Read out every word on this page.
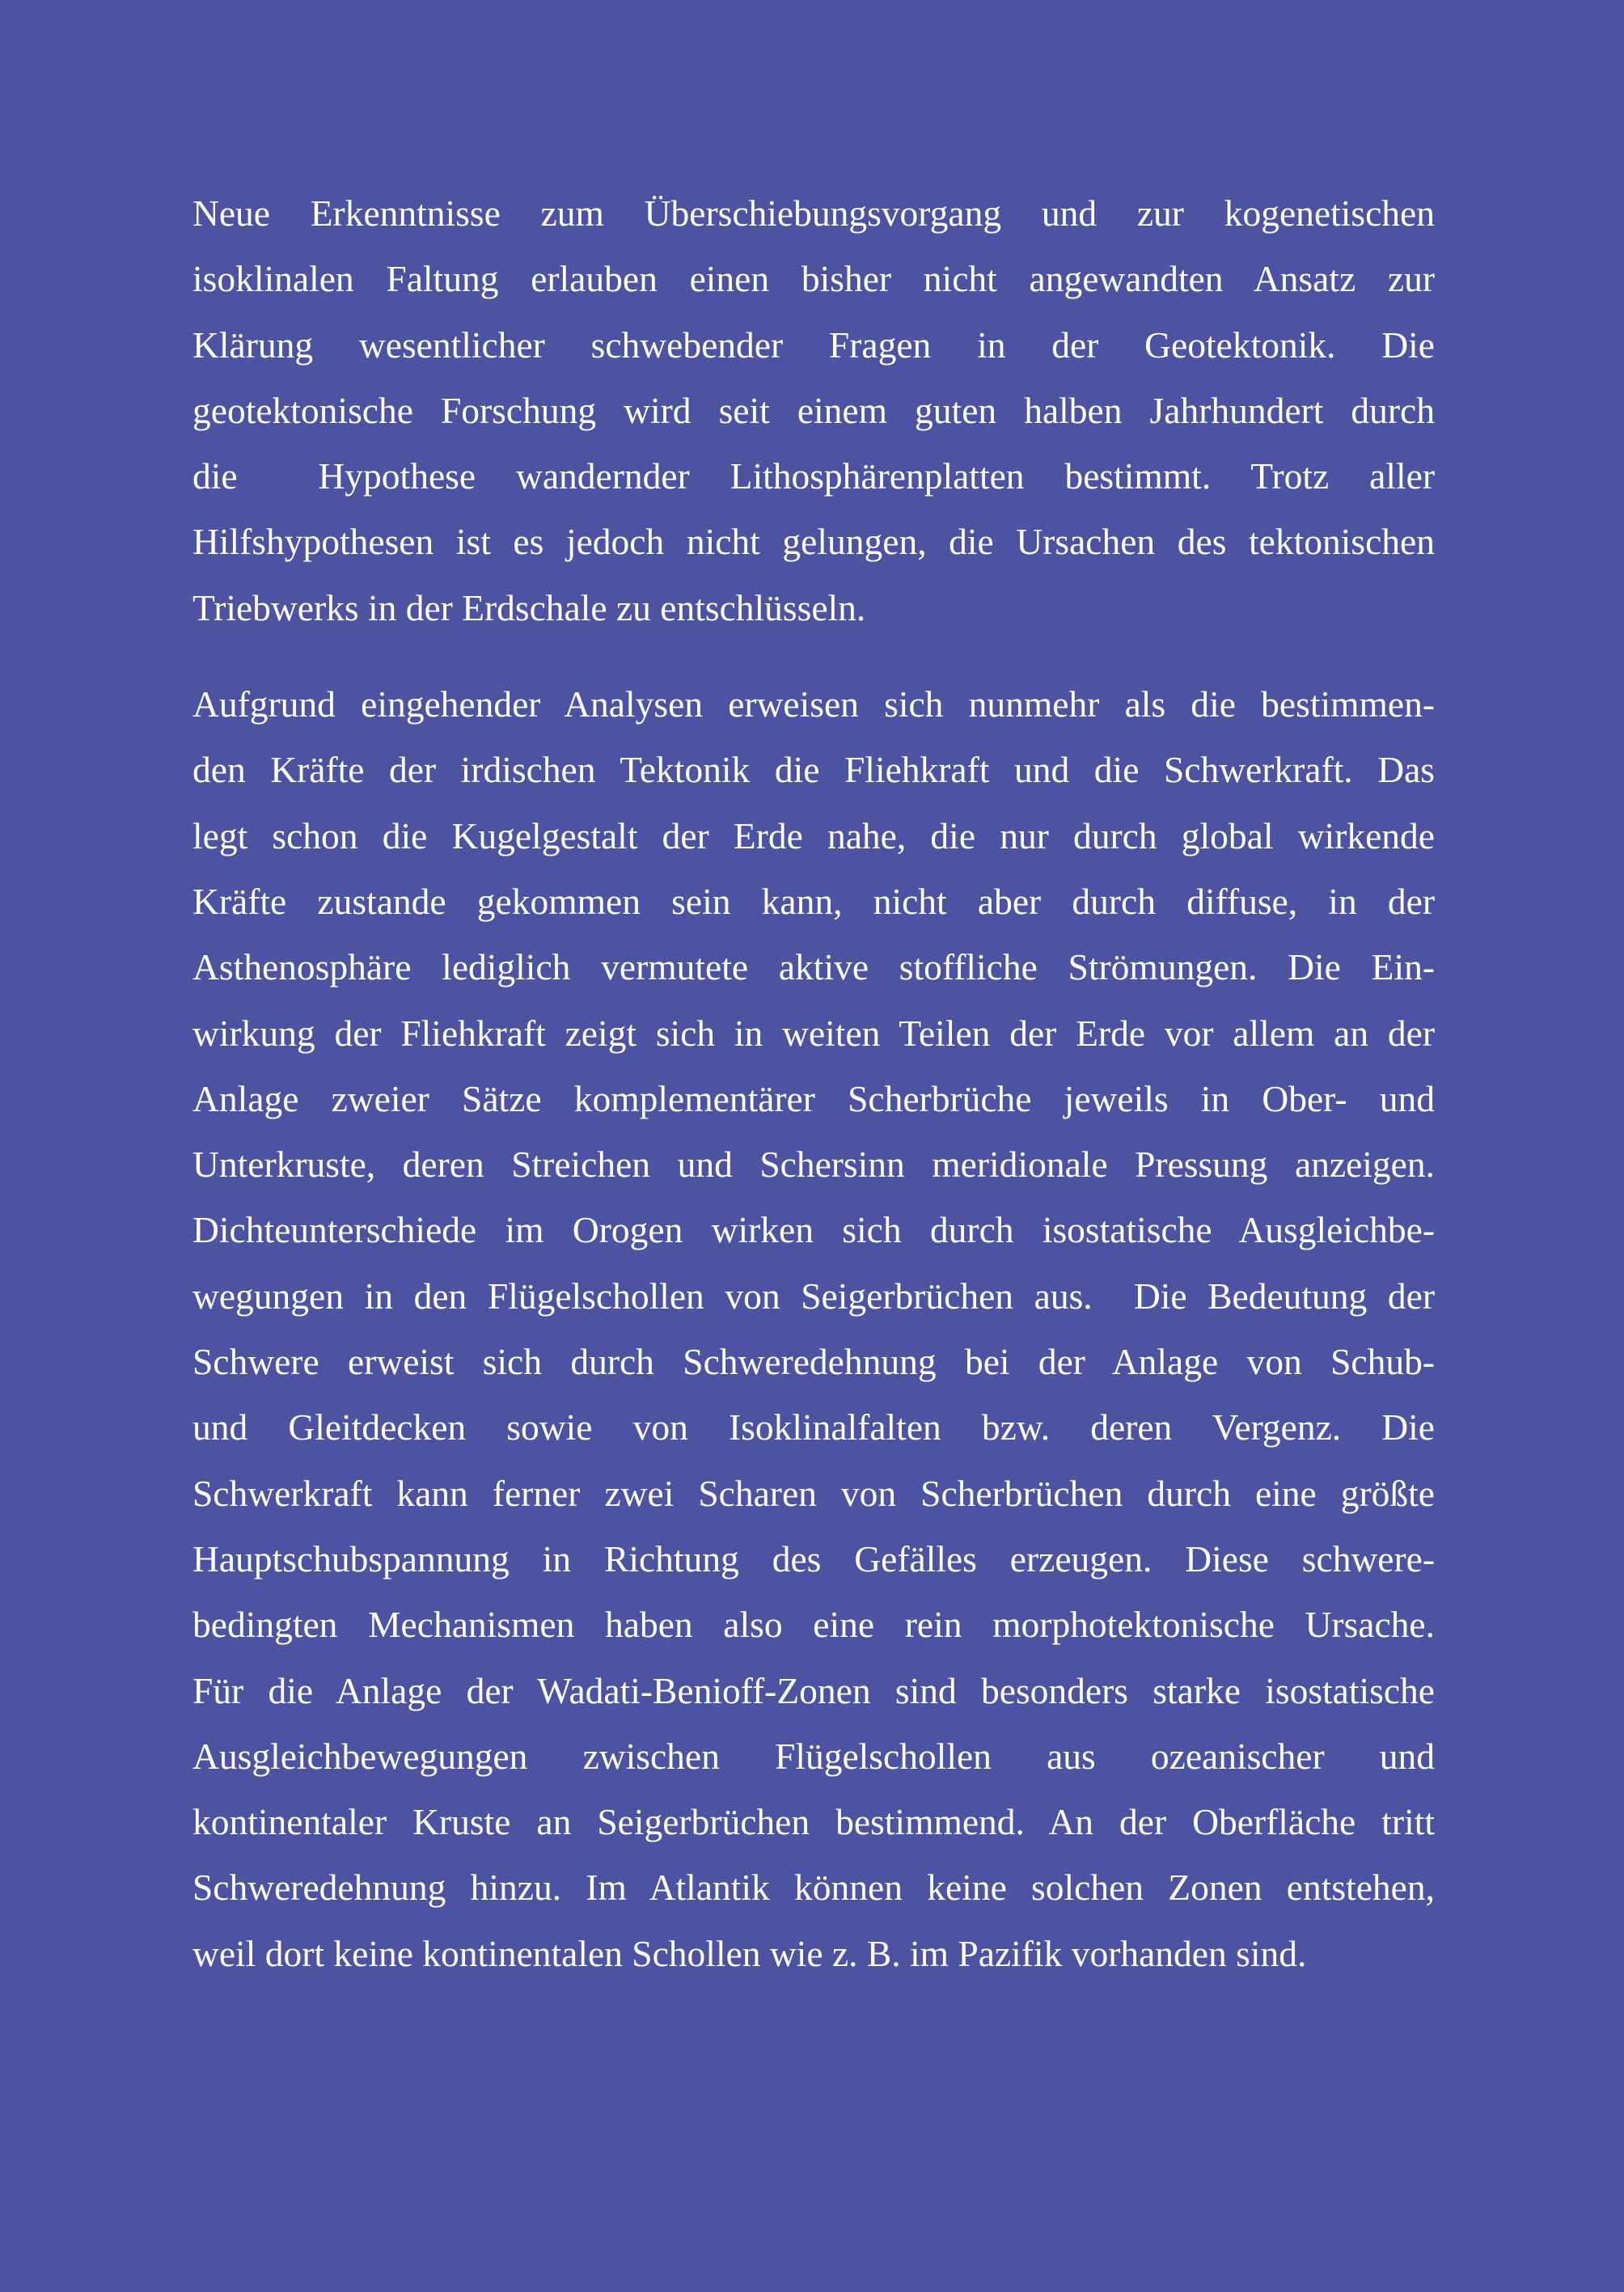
Neue Erkenntnisse zum Überschiebungsvorgang und zur kogenetischen
isoklinalen Faltung erlauben einen bisher nicht angewandten Ansatz zur
Klärung wesentlicher schwebender Fragen in der Geotektonik. Die
geotektonische Forschung wird seit einem guten halben Jahrhundert durch
die  Hypothese wandernder Lithosphärenplatten bestimmt. Trotz aller
Hilfshypothesen ist es jedoch nicht gelungen, die Ursachen des tektonischen
Triebwerks in der Erdschale zu entschlüsseln.
Aufgrund eingehender Analysen erweisen sich nunmehr als die bestimmen-
den Kräfte der irdischen Tektonik die Fliehkraft und die Schwerkraft. Das
legt schon die Kugelgestalt der Erde nahe, die nur durch global wirkende
Kräfte zustande gekommen sein kann, nicht aber durch diffuse, in der
Asthenosphäre lediglich vermutete aktive stoffliche Strömungen. Die Ein-
wirkung der Fliehkraft zeigt sich in weiten Teilen der Erde vor allem an der
Anlage zweier Sätze komplementärer Scherbrüche jeweils in Ober- und
Unterkruste, deren Streichen und Schersinn meridionale Pressung anzeigen.
Dichteunterschiede im Orogen wirken sich durch isostatische Ausgleichbe-
wegungen in den Flügelschollen von Seigerbrüchen aus.  Die Bedeutung der
Schwere erweist sich durch Schweredehnung bei der Anlage von Schub-
und Gleitdecken sowie von Isoklinalfalten bzw. deren Vergenz. Die
Schwerkraft kann ferner zwei Scharen von Scherbrüchen durch eine größte
Hauptschubspannung in Richtung des Gefälles erzeugen. Diese schwere-
bedingten Mechanismen haben also eine rein morphotektonische Ursache.
Für die Anlage der Wadati-Benioff-Zonen sind besonders starke isostatische
Ausgleichbewegungen zwischen Flügelschollen aus ozeanischer und
kontinentaler Kruste an Seigerbrüchen bestimmend. An der Oberfläche tritt
Schweredehnung hinzu. Im Atlantik können keine solchen Zonen entstehen,
weil dort keine kontinentalen Schollen wie z. B. im Pazifik vorhanden sind.
